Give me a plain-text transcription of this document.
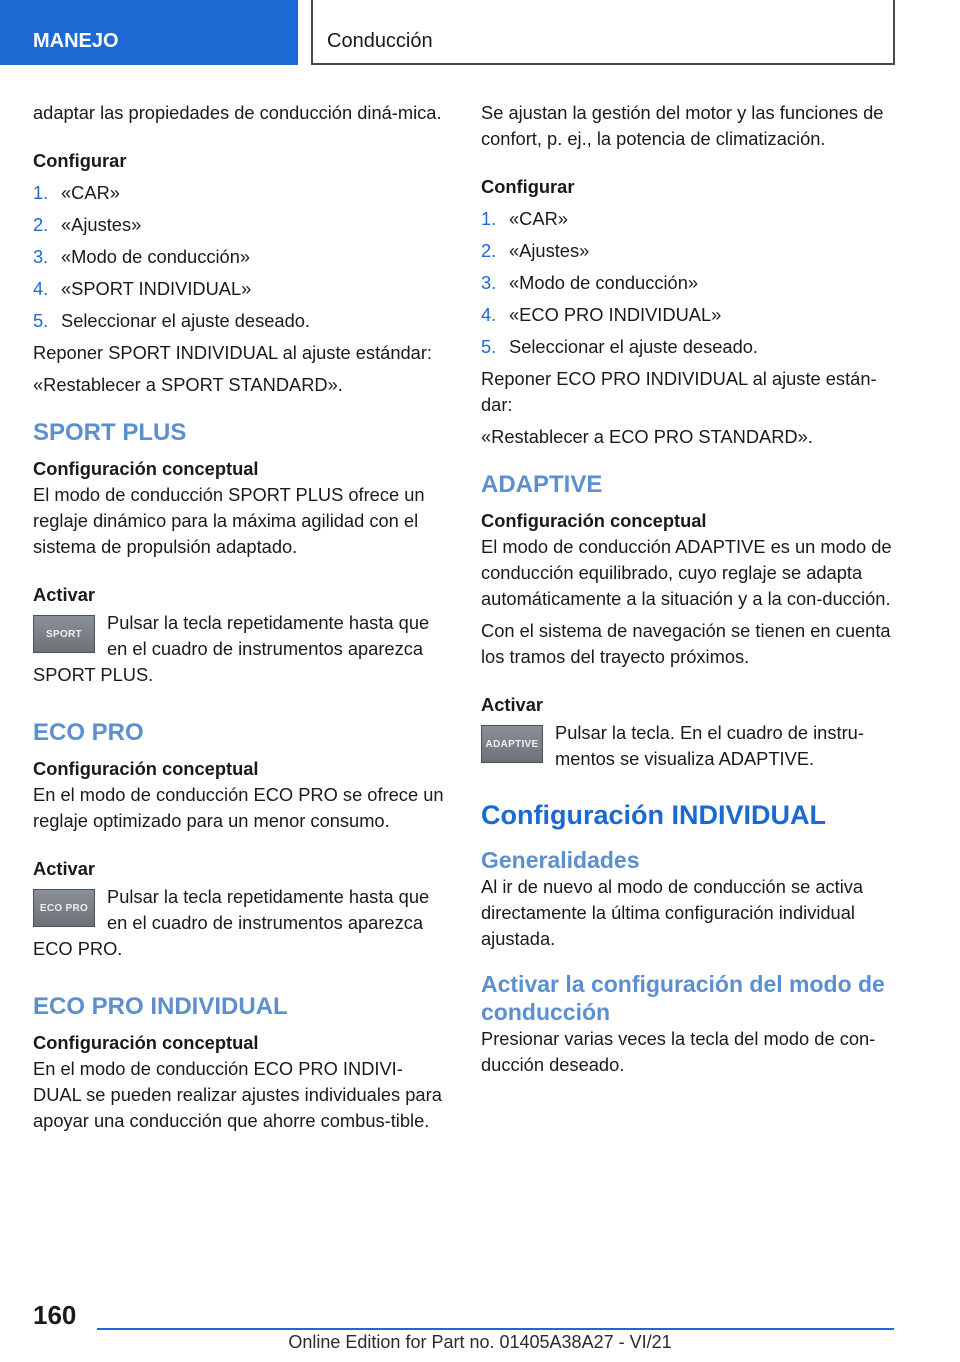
MANEJO	Conducción

adaptar las propiedades de conducción diná-mica.

Configurar

1. «CAR»
2. «Ajustes»
3. «Modo de conducción»
4. «SPORT INDIVIDUAL»
5. Seleccionar el ajuste deseado.

Reponer SPORT INDIVIDUAL al ajuste estándar:

«Restablecer a SPORT STANDARD».

SPORT PLUS

Configuración conceptual

El modo de conducción SPORT PLUS ofrece un reglaje dinámico para la máxima agilidad con el sistema de propulsión adaptado.

Activar

SPORT

Pulsar la tecla repetidamente hasta que en el cuadro de instrumentos aparezca SPORT PLUS.

ECO PRO

Configuración conceptual

En el modo de conducción ECO PRO se ofrece un reglaje optimizado para un menor consumo.

Activar

ECO PRO

Pulsar la tecla repetidamente hasta que en el cuadro de instrumentos aparezca ECO PRO.

ECO PRO INDIVIDUAL

Configuración conceptual

En el modo de conducción ECO PRO INDIVI-DUAL se pueden realizar ajustes individuales para apoyar una conducción que ahorre combus-tible.

Se ajustan la gestión del motor y las funciones de confort, p. ej., la potencia de climatización.

Configurar

1. «CAR»
2. «Ajustes»
3. «Modo de conducción»
4. «ECO PRO INDIVIDUAL»
5. Seleccionar el ajuste deseado.

Reponer ECO PRO INDIVIDUAL al ajuste están-dar:

«Restablecer a ECO PRO STANDARD».

ADAPTIVE

Configuración conceptual

El modo de conducción ADAPTIVE es un modo de conducción equilibrado, cuyo reglaje se adapta automáticamente a la situación y a la con-ducción.

Con el sistema de navegación se tienen en cuenta los tramos del trayecto próximos.

Activar

ADAPTIVE

Pulsar la tecla. En el cuadro de instru-mentos se visualiza ADAPTIVE.

Configuración INDIVIDUAL
Generalidades

Al ir de nuevo al modo de conducción se activa directamente la última configuración individual ajustada.

Activar la configuración del modo de conducción

Presionar varias veces la tecla del modo de con-ducción deseado.

160
Online Edition for Part no. 01405A38A27 - VI/21
